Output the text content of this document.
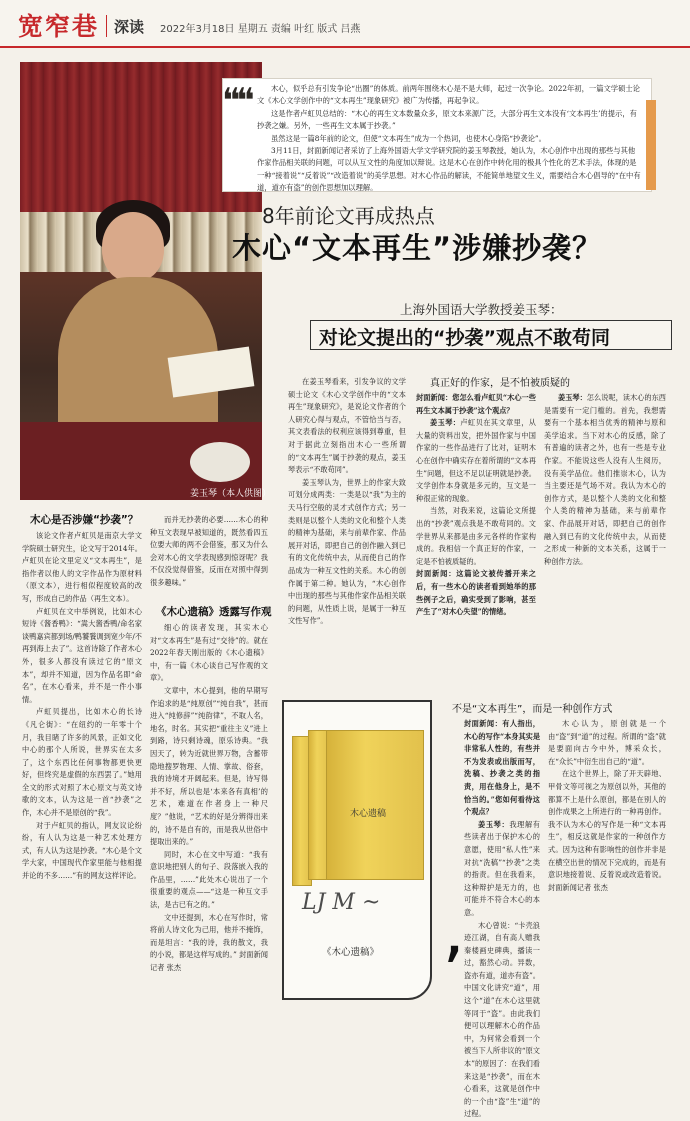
宽窄巷 深读 2022年3月18日 星期五 责编 叶红 版式 吕燕
姜玉琴（本人供图）

木心，似乎总有引发争论“出圈”的体质。前两年围绕木心是不是大师，起过一次争论。2022年初，一篇文学硕士论文《木心文学创作中的“文本再生”现象研究》被广为传播，再起争议。

这是作者卢虹贝总结的：“木心的再生文本数量众多，原文本来源广泛，大部分再生文本没有‘文本再生’的提示，有抄袭之嫌。另外，一些再生文本属于抄袭。”

虽然这是一篇8年前的论文，但使“文本再生”成为一个热词，也使木心身陷“抄袭论”。

3月11日，封面新闻记者采访了上海外国语大学文学研究院的姜玉琴教授，她认为，木心创作中出现的那些与其他作家作品相关联的问题，可以从互文性的角度加以辩说。这是木心在创作中转化用的极具个性化的艺术手法，体现的是一种“接着说”“反着说”“改造着说”的美学思想。对木心作品的解读，不能简单地望文生义，需要结合木心倡导的“在中有道，道亦有盗”的创作思想加以理解。

❝❝
8年前论文再成热点
木心“文本再生”涉嫌抄袭？
上海外国语大学教授姜玉琴：
对论文提出的“抄袭”观点不敢苟同
木心是否涉嫌“抄袭”？

该论文作者卢虹贝是南京大学文学院硕士研究生，论文写于2014年。卢虹贝在论文里定义“文本再生”，是指作者以他人的文字作品作为原材料（原文本），进行相似程度较高的改写，形成自己的作品（再生文本）。

卢虹贝在文中举例说，比如木心短诗《酱香鸭》：“嵩大酱香鸭/命名家谈鸭嘉宾都到场/鸭饕餮调到宽少年/不再到海上去了”。这首诗除了作者木心外，很多人都没有读过它的“原文本”，却并不知道，因为作品名即“命名”，在木心看来，并不是一件小事情。

卢虹贝提出，比如木心的长诗《凡仑街》：“在纽约的一年零十个月，我目睹了许多的风景，正如文化中心的那个人所说，世界实在太多了，这个东西比任何事物都更快更好，但终究是虚假的东西罢了。”她用全文的形式对照了木心原文与英文诗歌的文本，认为这是一首“抄袭”之作，木心并不是原创的“我”。

对于卢虹贝的指认，网友议论纷纷，有人认为这是一种艺术处理方式，有人认为这是抄袭。“木心是个文学大家，中国现代作家里能与他相提并论的不多……”有的网友这样评论。

而并无抄袭的必要……木心的种种互文表现早被知道的，既然看四五位要大师的两不会借鉴，那又为什么会对木心的文学表现感到惊讶呢？我不仅没觉得借鉴，反而在对照中得到很多趣味。”

《木心遗稿》透露写作观

细心的读者发现，其实木心对“文本再生”是有过“交待”的。就在2022年春天刚出版的《木心遗稿》中，有一篇《木心谈自己写作观的文章》。

文章中，木心提到，他的早期写作追求的是“纯原创”“纯自我”，甚而进入“纯修辞”“纯韵律”，不取人名，地名，时名。其实把“重往主义”进上到路，诗只剩诗魂，原乐诗典。“我因天了，转为近就世界万物，含蓄带隐地搜罗物理、人情、掌故、俗套，我的诗境才开阔起来。但是，诗写得并不好，所以也是‘本来各有真相’的艺术，难道在作者身上一种尺度？”他说，“艺术的好是分辨得出来的，诗不是自有的，而是我从世俗中提取出来的。”

同时，木心在文中写道：“我有意识地把别人的句子、段落嵌入我的作品里，……”此处木心说出了一个很重要的观点——“这是一种互文手法，是古已有之的。”

文中还提到，木心在写作时，常将前人诗文化为己用，他并不掩饰，而是坦言：“我的诗，我的散文，我的小说，都是这样写成的。” 封面新闻记者 张杰

在姜玉琴看来，引发争议的文学硕士论文《木心文学创作中的“文本再生”现象研究》，是说论文作者的个人研究心得与观点，不管恰当与否，其文表看法的权利应该得到尊重，但对于据此立刻指出木心一些所谓的“文本再生”属于抄袭的观点，姜玉琴表示“不敢苟同”。

姜玉琴认为，世界上的作家大致可划分成两类：一类是以“我”为主的天马行空般的灵才式创作方式；另一类则是以整个人类的文化和整个人类的精神为基础，来与前辈作家、作品展开对话，即把自己的创作融入到已有的文化传统中去，从而使自己的作品成为一种互文性的关系。木心的创作属于第二种。她认为，“木心创作中出现的那些与其他作家作品相关联的问题，从性质上说，是属于一种互文性写作”。

真正好的作家，是不怕被质疑的

封面新闻：您怎么看卢虹贝“木心一些再生文本属于抄袭”这个观点？

姜玉琴：卢虹贝在其文章里，从大量的资料出发，把外国作家与中国作家的一些作品进行了比对，证明木心在创作中确实存在着所谓的“文本再生”问题，但这不足以证明就是抄袭。文学创作本身就是多元的，互文是一种很正常的现象。

当然，对我来说，这篇论文所提出的“抄袭”观点我是不敢苟同的。文学世界从来都是由多元各样的作家构成的。我相信一个真正好的作家，一定是不怕被质疑的。

封面新闻：这篇论文被传播开来之后，有一些木心的读者看到她举的那些例子之后，确实受到了影响，甚至产生了“对木心失望”的情绪。

姜玉琴：怎么说呢，读木心的东西是需要有一定门槛的。首先，我想需要有一个基本相当优秀的精神与原和美学追求。当下对木心的反感，除了有普遍的读者之外，也有一些是专业作家。不能说这些人没有人生阅历，没有美学品位。他们推崇木心，认为当主要还是气场不对。我认为木心的创作方式，是以整个人类的文化和整个人类的精神为基础，来与前辈作家、作品展开对话，即把自己的创作融入到已有的文化传统中去，从而使之形成一种新的文本关系，这属于一种创作方法。

不是“文本再生”，而是一种创作方式

封面新闻：有人指出，木心的写作“本身其实是非常私人性的，有些并不为发表或出版而写，洗稿、抄袭之类的指责，用在他身上，是不恰当的。”您如何看待这个观点？

姜玉琴：我理解有些读者出于保护木心的意愿，使用“私人性”来对抗“洗稿”“抄袭”之类的指责。但在我看来，这种辩护是无力的，也可能并不符合木心的本意。

木心曾说：“卡壳浪迹江湖，自有高人赠我秦楼画史碑典，播读一过，豁然心动。异数，盗亦有道，道亦有盗”。中国文化讲究“道”，用这个“道”在木心这里就等同于“盗”。由此我们便可以理解木心的作品中，为何常会看到一个被当下人所非议的“原文本”的原因了：在我们看来这是“抄袭”，而在木心看来，这就是创作中的一个由“盗”生“道”的过程。

木心认为，原创就是一个由“盗”到“道”的过程。所谓的“盗”就是要面向古今中外，博采众长，在“众长”中衍生出自己的“道”。

在这个世界上，除了开天辟地、甲骨文等可视之为原创以外，其他的都算不上是什么原创，都是在别人的创作成果之上所进行的一种再创作。我不认为木心的写作是一种“文本再生”，相反这就是作家的一种创作方式。因为这种有影响性的创作并非是在横空出世的情况下完成的，而是有意识地接着说、反着说或改造着说。 封面新闻记者 张杰

木心遗稿
Ǉ M ~
《木心遗稿》 ’
